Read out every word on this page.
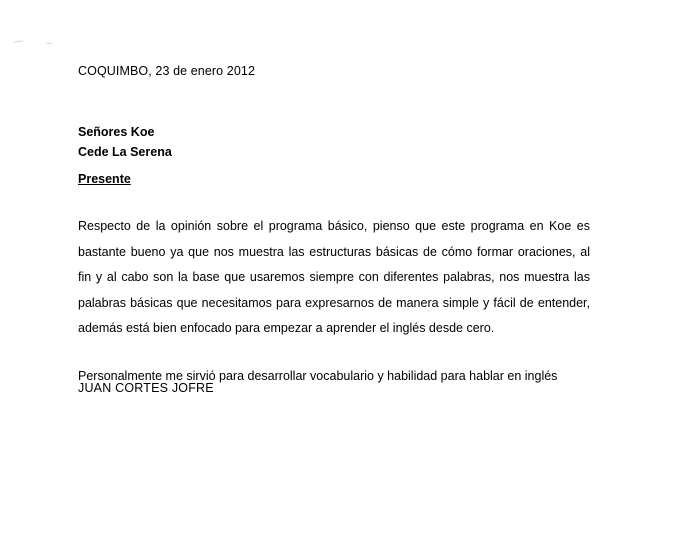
COQUIMBO, 23 de enero 2012
Señores Koe
Cede La Serena
Presente

Respecto de la opinión sobre el programa básico, pienso que este programa en Koe es bastante bueno ya que nos muestra las estructuras básicas de cómo formar oraciones, al fin y al cabo son la base que usaremos siempre con diferentes palabras, nos muestra las palabras básicas que necesitamos para expresarnos de manera simple y fácil de entender, además está bien enfocado para empezar a aprender el inglés desde cero.

Personalmente me sirvió para desarrollar vocabulario y habilidad para hablar en inglés

JUAN CORTES JOFRE
